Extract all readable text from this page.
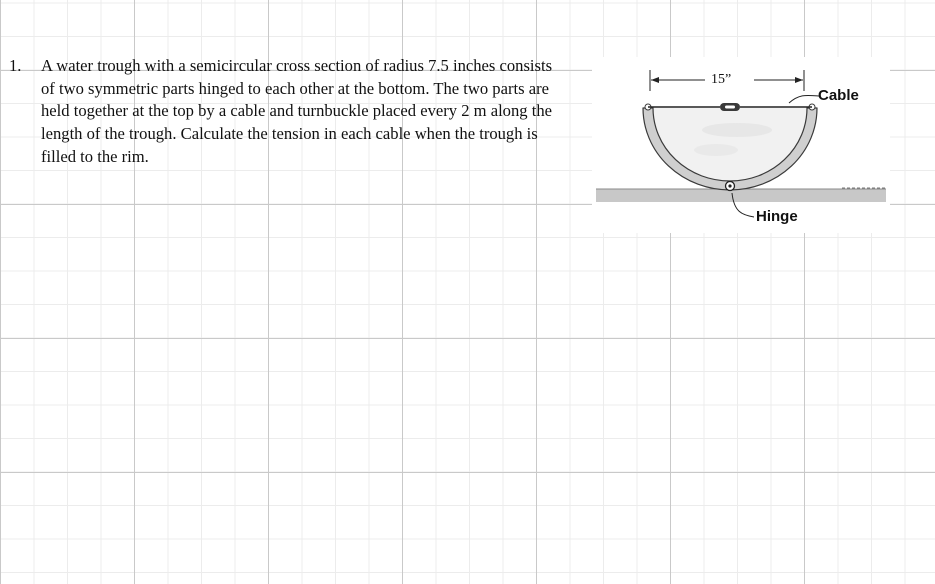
1.	A water trough with a semicircular cross section of radius 7.5 inches consists of two symmetric parts hinged to each other at the bottom. The two parts are held together at the top by a cable and turnbuckle placed every 2 m along the length of the trough. Calculate the tension in each cable when the trough is filled to the rim.

15”
Cable
Hinge
